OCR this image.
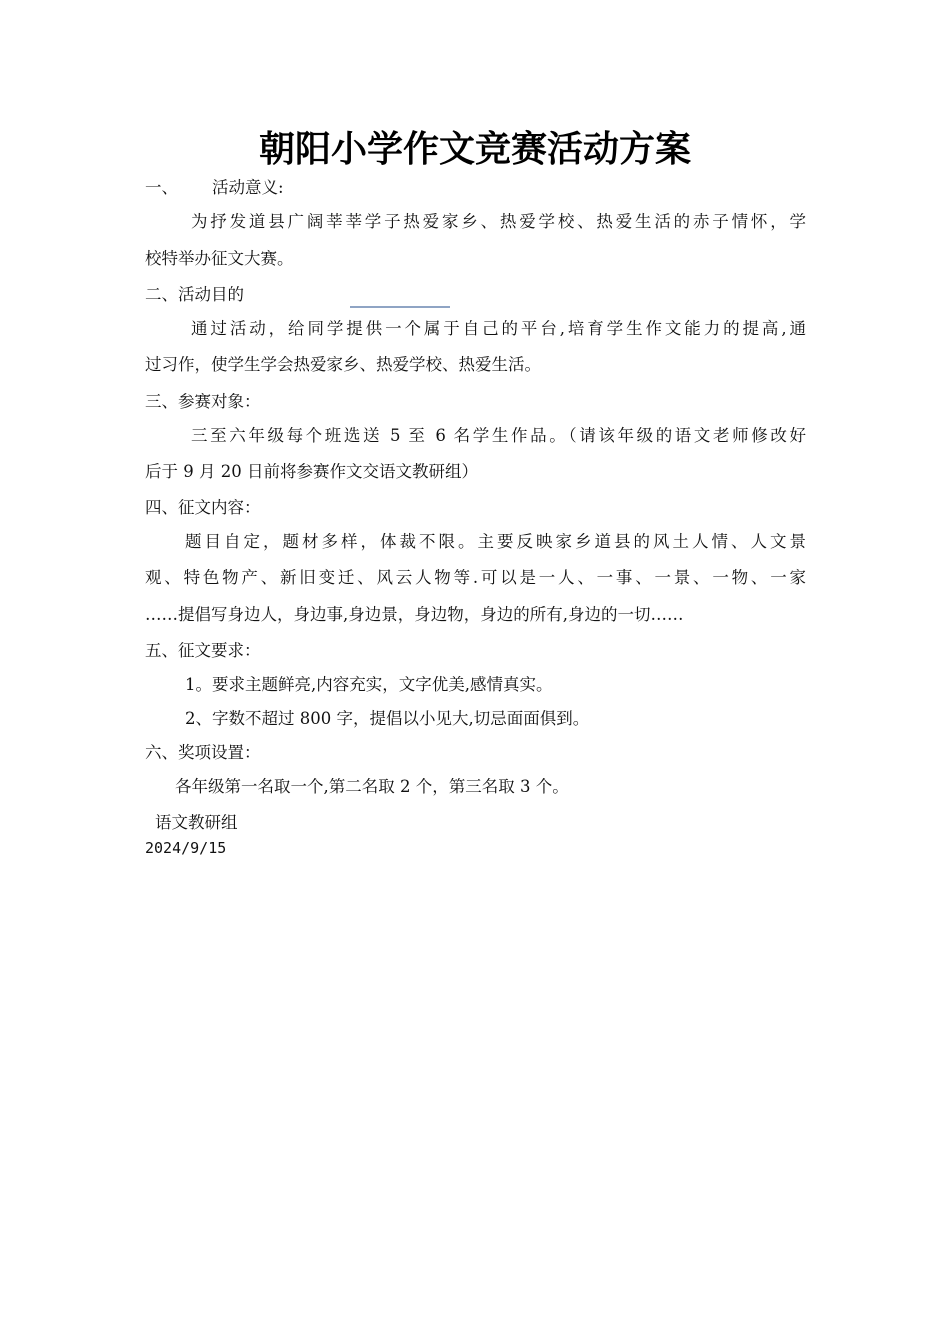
朝阳小学作文竞赛活动方案
一、 活动意义:
为抒发道县广阔莘莘学子热爱家乡、热爱学校、热爱生活的赤子情怀，学
校特举办征文大赛。
二、活动目的
通过活动，给同学提供一个属于自己的平台,培育学生作文能力的提高,通
过习作，使学生学会热爱家乡、热爱学校、热爱生活。
三、参赛对象：
三至六年级每个班选送 5 至 6 名学生作品。（请该年级的语文老师修改好
后于 9 月 20 日前将参赛作文交语文教研组）
四、征文内容：
题目自定，题材多样，体裁不限。主要反映家乡道县的风土人情、人文景
观、特色物产、新旧变迁、风云人物等.可以是一人、一事、一景、一物、一家
……提倡写身边人，身边事,身边景，身边物，身边的所有,身边的一切……
五、征文要求：
1。要求主题鲜亮,内容充实，文字优美,感情真实。
2、字数不超过 800 字，提倡以小见大,切忌面面俱到。
六、奖项设置：
各年级第一名取一个,第二名取 2 个，第三名取 3 个。
语文教研组
2024/9/15
